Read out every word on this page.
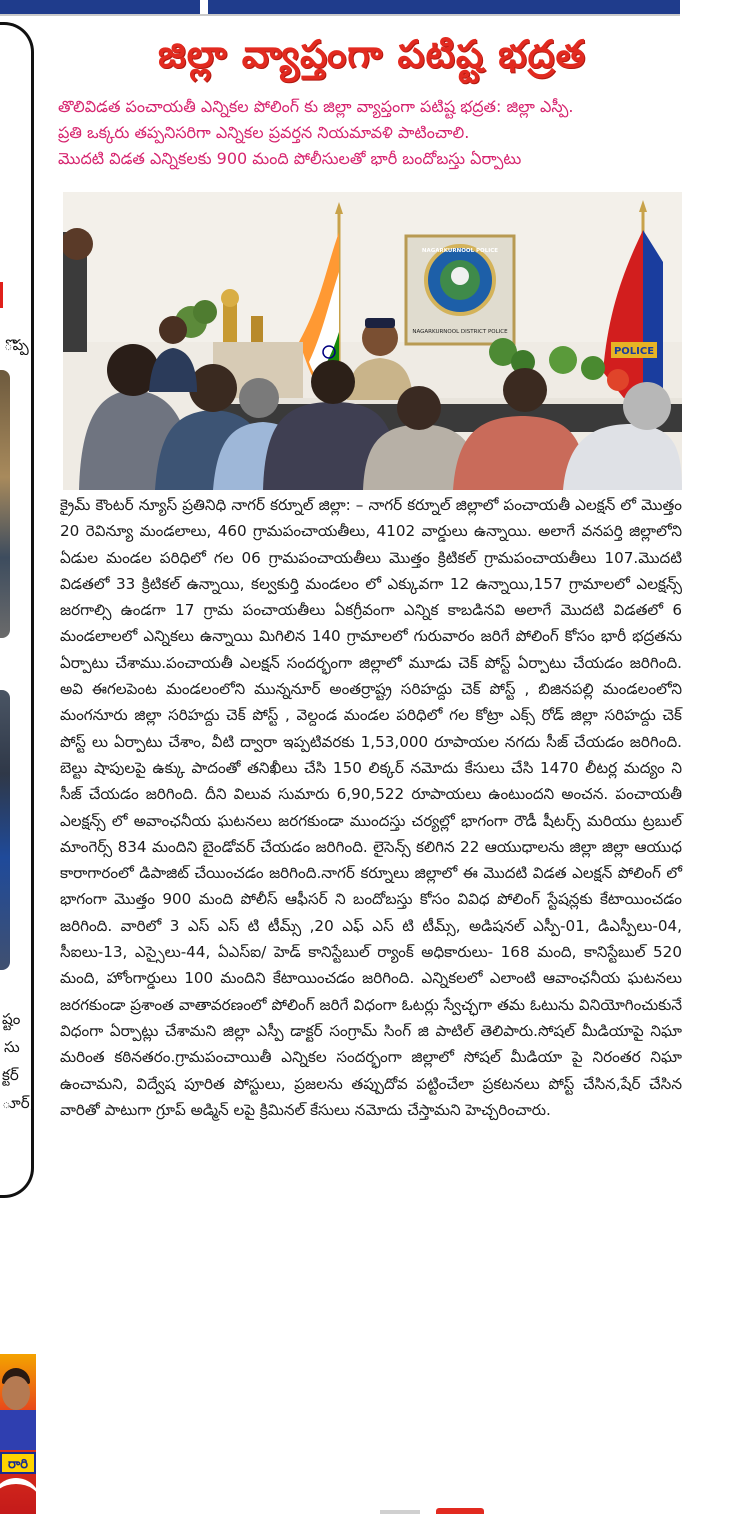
ొప్ప
ష్టం
సు
క్టర్
ూర్,
రారి
జిల్లా వ్యాప్తంగా పటిష్ట భద్రత
తొలివిడత పంచాయతీ ఎన్నికల పోలింగ్ కు జిల్లా వ్యాప్తంగా పటిష్ట భద్రత: జిల్లా ఎస్పీ.
ప్రతి ఒక్కరు తప్పనిసరిగా ఎన్నికల ప్రవర్తన నియమావళి పాటించాలి.
మొదటి విడత ఎన్నికలకు 900 మంది పోలీసులతో భారీ బందోబస్తు ఏర్పాటు
NAGARKURNOOL POLICE
NAGARKURNOOL DISTRICT POLICE
POLICE
క్రైమ్ కౌంటర్ న్యూస్ ప్రతినిధి నాగర్ కర్నూల్ జిల్లా: – నాగర్ కర్నూల్ జిల్లాలో పంచాయతీ ఎలక్షన్ లో మొత్తం 20 రెవిన్యూ మండలాలు, 460 గ్రామపంచాయతీలు, 4102 వార్డులు ఉన్నాయి. అలాగే వనపర్తి జిల్లాలోని ఏడుల మండల పరిధిలో గల 06 గ్రామపంచాయతీలు మొత్తం క్రిటికల్ గ్రామపంచాయతీలు 107.మొదటి విడతలో 33 క్రిటికల్ ఉన్నాయి, కల్వకుర్తి మండలం లో ఎక్కువగా 12 ఉన్నాయి,157 గ్రామాలలో ఎలక్షన్స్ జరగాల్సి ఉండగా 17 గ్రామ పంచాయతీలు ఏకగ్రీవంగా ఎన్నిక కాబడినవి అలాగే మొదటి విడతలో 6 మండలాలలో ఎన్నికలు ఉన్నాయి మిగిలిన 140 గ్రామాలలో గురువారం జరిగే పోలింగ్ కోసం భారీ భద్రతను ఏర్పాటు చేశాము.పంచాయతీ ఎలక్షన్ సందర్భంగా జిల్లాలో మూడు చెక్ పోస్ట్ ఏర్పాటు చేయడం జరిగింది. అవి ఈగలపెంట మండలంలోని మున్ననూర్ అంతర్రాష్ట్ర సరిహద్దు చెక్ పోస్ట్ , బిజినపల్లి మండలంలోని మంగనూరు జిల్లా సరిహద్దు చెక్ పోస్ట్ , వెల్దండ మండల పరిధిలో గల కోట్రా ఎక్స్ రోడ్ జిల్లా సరిహద్దు చెక్ పోస్ట్ లు ఏర్పాటు చేశాం, వీటి ద్వారా ఇప్పటివరకు 1,53,000 రూపాయల నగదు సీజ్ చేయడం జరిగింది. బెల్టు షాపులపై ఉక్కు పాదంతో తనిఖీలు చేసి 150 లిక్కర్ నమోదు కేసులు చేసి 1470 లీటర్ల మద్యం ని సీజ్ చేయడం జరిగింది. దీని విలువ సుమారు 6,90,522 రూపాయలు ఉంటుందని అంచన. పంచాయతీ ఎలక్షన్స్ లో అవాంఛనీయ ఘటనలు జరగకుండా ముందస్తు చర్యల్లో భాగంగా రౌడీ షీటర్స్ మరియు ట్రబుల్ మాంగెర్స్ 834 మందిని బైండోవర్ చేయడం జరిగింది. లైసెన్స్ కలిగిన 22 ఆయుధాలను జిల్లా జిల్లా ఆయుధ కారాగారంలో డిపాజిట్ చేయించడం జరిగింది.నాగర్ కర్నూలు జిల్లాలో ఈ మొదటి విడత ఎలక్షన్ పోలింగ్ లో భాగంగా మొత్తం 900 మంది పోలీస్ ఆఫీసర్ ని బందోబస్తు కోసం వివిధ పోలింగ్ స్టేషన్లకు కేటాయించడం జరిగింది. వారిలో 3 ఎస్ ఎస్ టి టీమ్స్ ,20 ఎఫ్ ఎస్ టి టీమ్స్, అడిషనల్ ఎస్పీ-01, డిఎస్పీలు-04, సీఐలు-13, ఎస్సైలు-44, ఏఎస్ఐ/ హెడ్ కానిస్టేబుల్ ర్యాంక్ అధికారులు- 168 మంది, కానిస్టేబుల్ 520 మంది, హోంగార్డులు 100 మందిని కేటాయించడం జరిగింది. ఎన్నికలలో ఎలాంటి ఆవాంఛనీయ ఘటనలు జరగకుండా ప్రశాంత వాతావరణంలో పోలింగ్ జరిగే విధంగా ఓటర్లు స్వేచ్ఛగా తమ ఓటును వినియోగించుకునే విధంగా ఏర్పాట్లు చేశామని జిల్లా ఎస్పీ డాక్టర్ సంగ్రామ్ సింగ్ జి పాటిల్ తెలిపారు.సోషల్ మీడియాపై నిఘా మరింత కఠినతరం.గ్రామపంచాయితీ ఎన్నికల సందర్భంగా జిల్లాలో సోషల్ మీడియా పై నిరంతర నిఘా ఉంచామని, విద్వేష పూరిత పోస్టులు, ప్రజలను తప్పుదోవ పట్టించేలా ప్రకటనలు పోస్ట్ చేసిన,షేర్ చేసిన వారితో పాటుగా గ్రూప్ అడ్మిన్ లపై క్రిమినల్ కేసులు నమోదు చేస్తామని హెచ్చరించారు.
